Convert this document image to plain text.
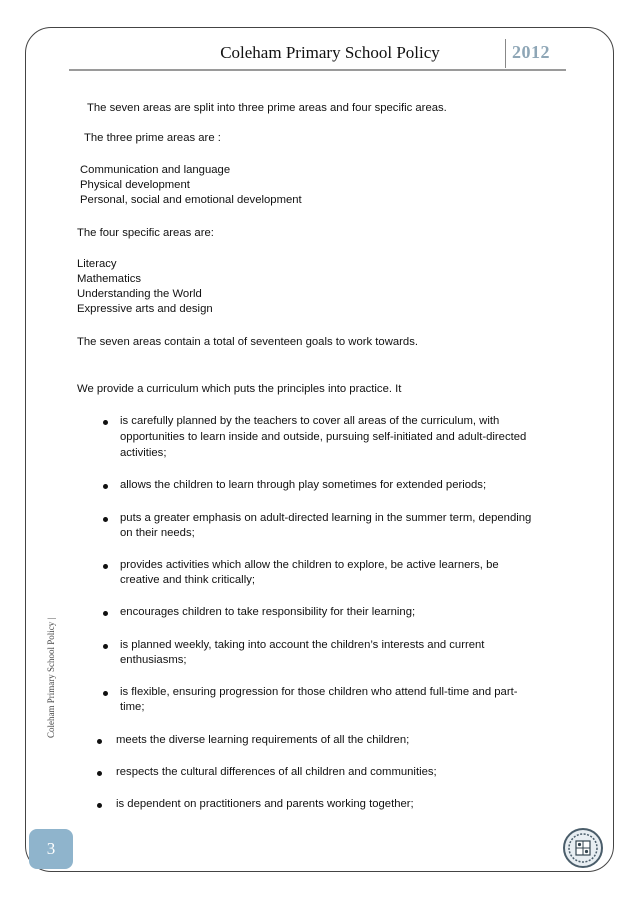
Coleham Primary School Policy	2012
Coleham Primary School Policy |
The seven areas are split into three prime areas and four specific areas.
The three prime areas are :
Communication and language
Physical development
Personal, social and emotional development
The four specific areas are:
Literacy
Mathematics
Understanding the World
Expressive arts and design
The seven areas contain a total of seventeen goals to work towards.
We provide a curriculum which puts the principles into practice. It
is carefully planned by the teachers to cover all areas of the curriculum, with
opportunities to learn inside and outside, pursuing self-initiated and adult-directed
activities;
allows the children to learn through play sometimes for extended periods;
puts a greater emphasis on adult-directed learning in the summer term, depending
on their needs;
provides activities which allow the children to explore, be active learners, be
creative and think critically;
encourages children to take responsibility for their learning;
is planned weekly, taking into account the children’s interests and current
enthusiasms;
is flexible, ensuring progression for those children who attend full-time and part-
time;
meets the diverse learning requirements of all the children;
respects the cultural differences of all children and communities;
is dependent on practitioners and parents working together;
3
